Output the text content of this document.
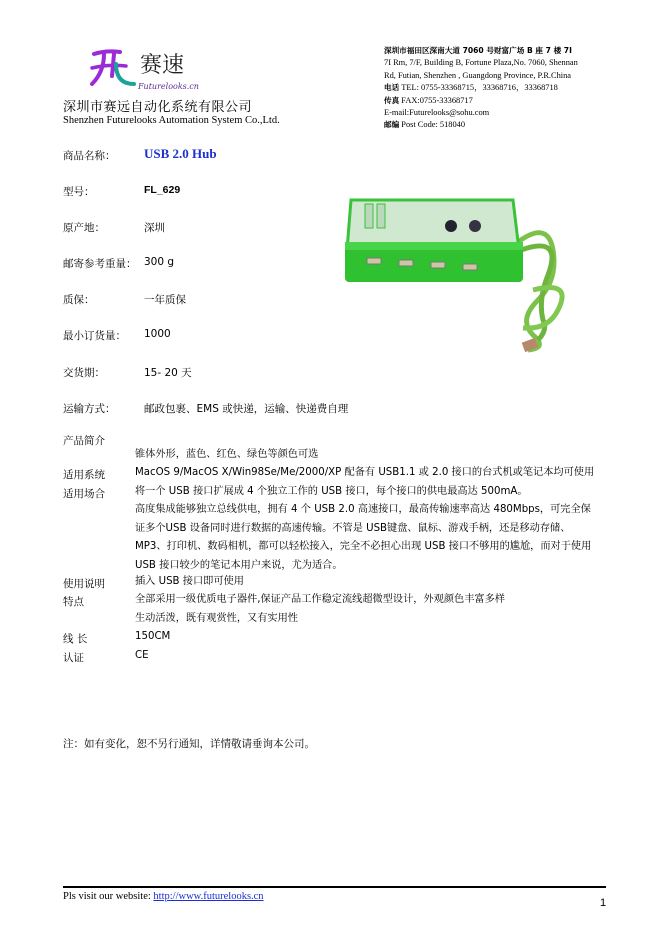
赛速
Futurelooks.cn
深圳市赛远自动化系统有限公司
Shenzhen Futurelooks Automation System Co.,Ltd.
深圳市福田区深南大道 7060 号财富广场 B 座 7 楼 7I
7I Rm, 7/F, Building B, Fortune Plaza,No. 7060, Shennan
Rd, Futian, Shenzhen , Guangdong Province, P.R.China
电话 TEL: 0755-33368715，33368716，33368718
传真 FAX:0755-33368717
E-mail:Futurelooks@sohu.com
邮编 Post Code: 518040
商品名称： USB 2.0 Hub
型号：	FL_629
原产地：	深圳
邮寄参考重量： 300 g
质保：	一年质保
最小订货量： 1000
交货期：	15- 20 天
运输方式：	邮政包裹、EMS 或快递，运输、快递费自理
产品简介
锥体外形，蓝色、红色、绿色等颜色可选
适用系统	MacOS 9/MacOS X/Win98Se/Me/2000/XP 配备有 USB1.1 或 2.0 接口的台式机或笔记本均可使用
适用场合	将一个 USB 接口扩展成 4 个独立工作的 USB 接口，每个接口的供电最高达 500mA。
高度集成能够独立总线供电，拥有 4 个 USB 2.0 高速接口，最高传输速率高达 480Mbps，可完全保证多个USB 设备同时进行数据的高速传输。不管是 USB键盘、鼠标、游戏手柄，还是移动存储、MP3、打印机、数码相机，都可以轻松接入，完全不必担心出现 USB 接口不够用的尴尬，而对于使用 USB 接口较少的笔记本用户来说，尤为适合。
使用说明	插入 USB 接口即可使用
特点	全部采用一级优质电子器件,保证产品工作稳定流线超微型设计，外观颜色丰富多样
生动活泼，既有观赏性，又有实用性
线 长	150CM
认证	CE
注：如有变化，恕不另行通知，详情敬请垂询本公司。
Pls visit our website: http://www.futurelooks.cn
1
